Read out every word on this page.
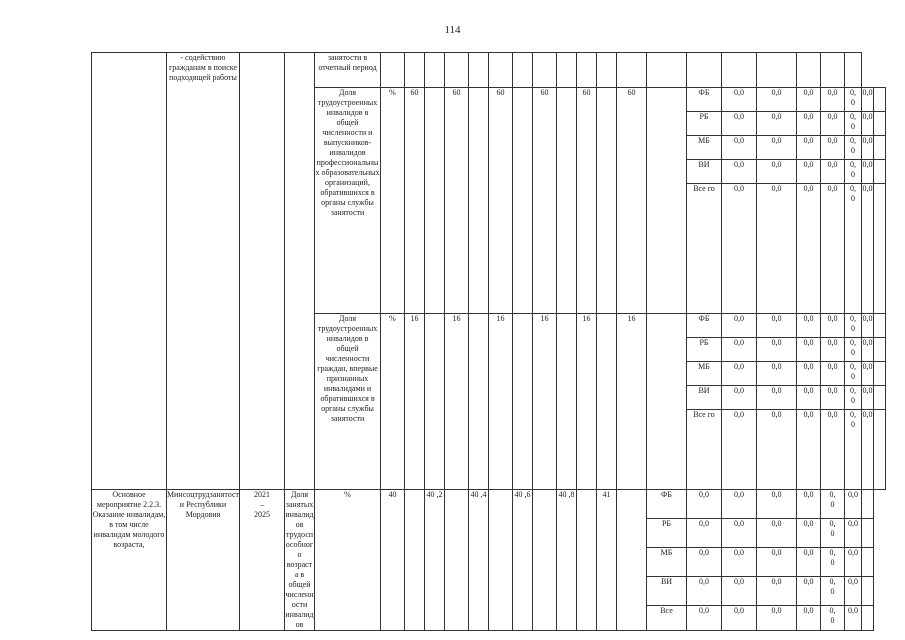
114
	- содействию гражданам в поиске подходящей работы			занятости в отчетный период																					
				Доля трудоустроенных инвалидов в общей численности и выпускников-инвалидов профессиональных образовательных организаций, обратившихся в органы службы занятости	%	60		60		60		60		60		60		ФБ	0,0	0,0	0,0	0,0	0,
0	0,0	

																		РБ	0,0	0,0	0,0	0,0	0,
0	0,0	

																		МБ	0,0	0,0	0,0	0,0	0,
0	0,0	

																		ВИ	0,0	0,0	0,0	0,0	0,
0	0,0	

																		Все го	0,0	0,0	0,0	0,0	0,
0	0,0	

				Доля трудоустроенных инвалидов в общей численности граждан, впервые признанных инвалидами и обратившихся в органы службы занятости	%	16		16		16		16		16		16		ФБ	0,0	0,0	0,0	0,0	0,
0	0,0	

																		РБ	0,0	0,0	0,0	0,0	0,
0	0,0	

																		МБ	0,0	0,0	0,0	0,0	0,
0	0,0	

																		ВИ	0,0	0,0	0,0	0,0	0,
0	0,0	

																		Все го	0,0	0,0	0,0	0,0	0,
0	0,0	

Основное мероприятие 2.2.3. Оказание инвалидам, в том числе инвалидам молодого возраста,	Минсоцтрудзанятости Республики Мордовия	2021
–
2025	Доля занятых инвалидов трудоспособного возраста в общей численности инвалидов	%	40		40 ,2		40 ,4		40 ,6		40 ,8		41		ФБ	0,0	0,0	0,0	0,0	0,
0	0,0		

																	РБ	0,0	0,0	0,0	0,0	0,
0	0,0		

																	МБ	0,0	0,0	0,0	0,0	0,
0	0,0		

																	ВИ	0,0	0,0	0,0	0,0	0,
0	0,0		

																	Все	0,0	0,0	0,0	0,0	0,
0	0,0		
